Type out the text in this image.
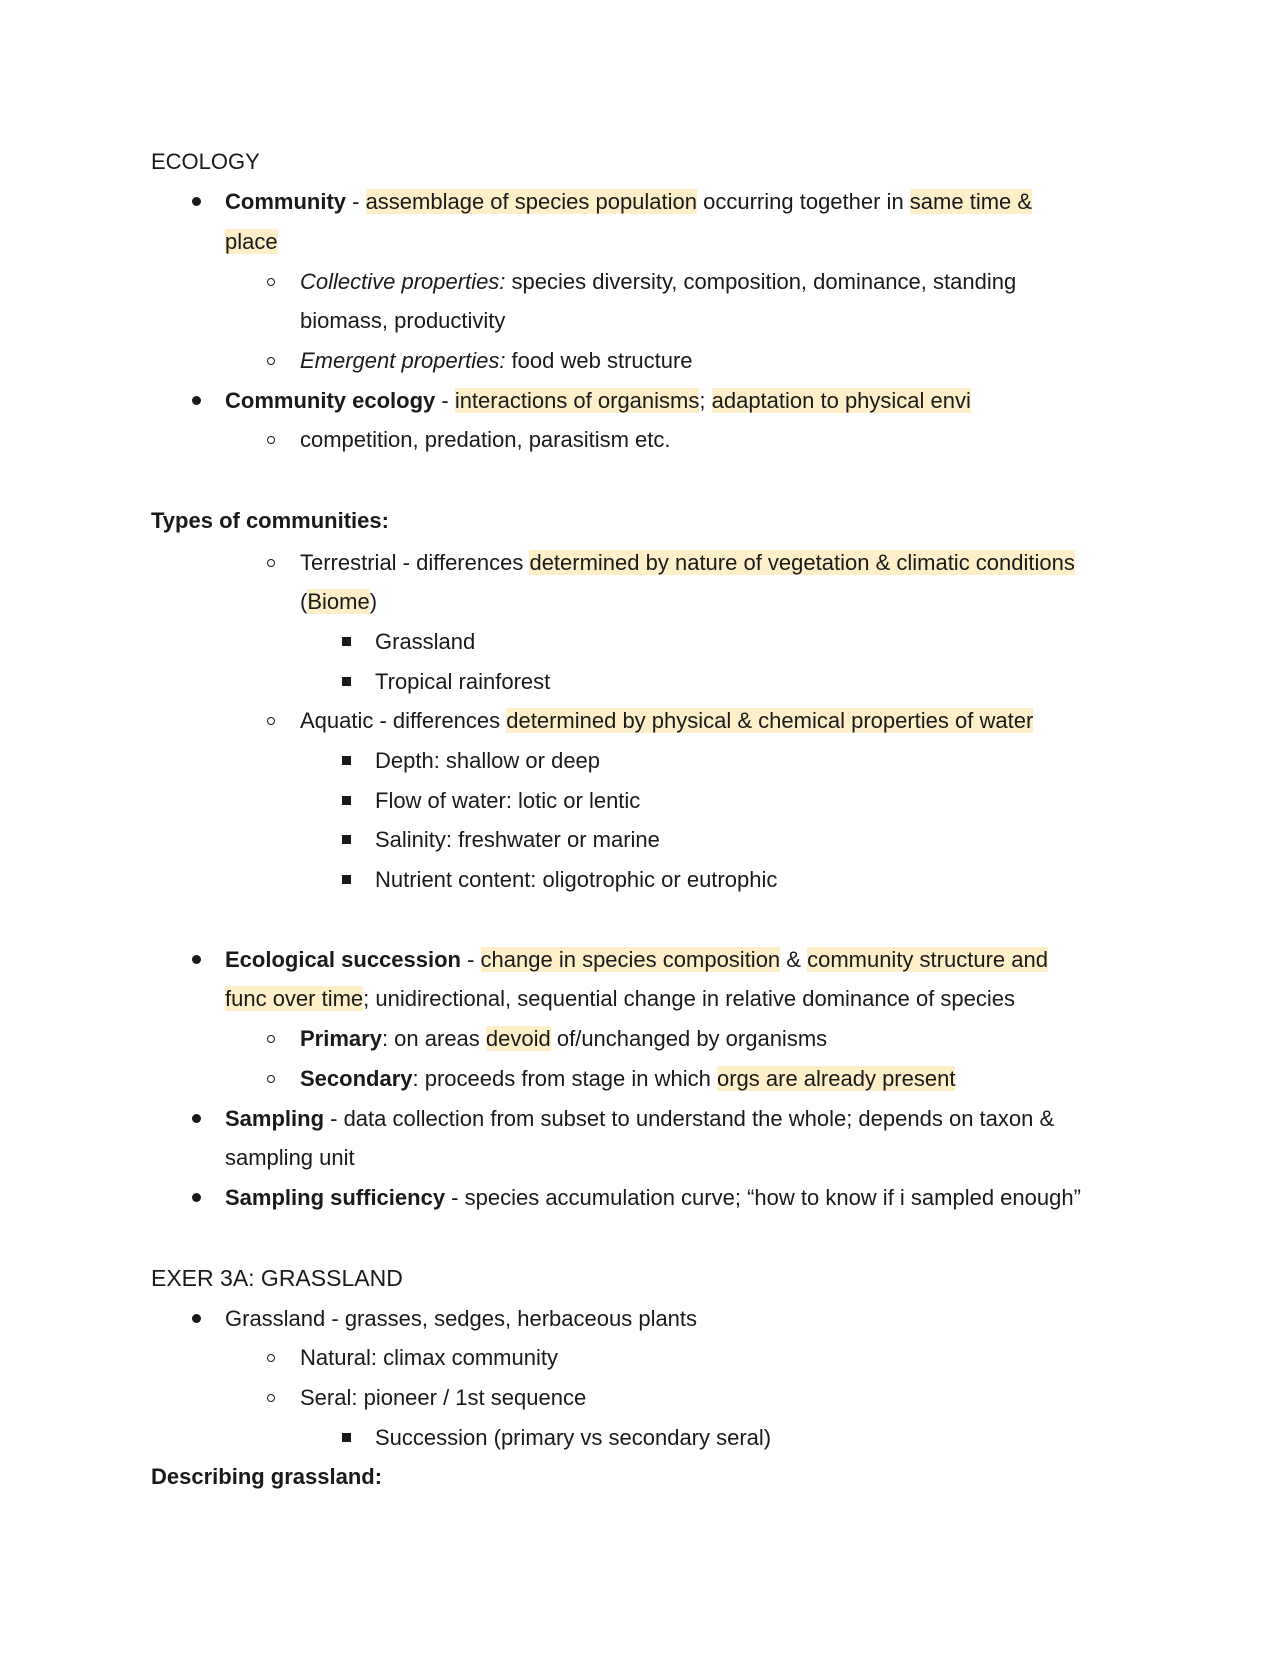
ECOLOGY
Community - assemblage of species population occurring together in same time &
place
Collective properties: species diversity, composition, dominance, standing
biomass, productivity
Emergent properties: food web structure
Community ecology - interactions of organisms; adaptation to physical envi
competition, predation, parasitism etc.
Types of communities:
Terrestrial - differences determined by nature of vegetation & climatic conditions
(Biome)
Grassland
Tropical rainforest
Aquatic - differences determined by physical & chemical properties of water
Depth: shallow or deep
Flow of water: lotic or lentic
Salinity: freshwater or marine
Nutrient content: oligotrophic or eutrophic
Ecological succession - change in species composition & community structure and
func over time; unidirectional, sequential change in relative dominance of species
Primary: on areas devoid of/unchanged by organisms
Secondary: proceeds from stage in which orgs are already present
Sampling - data collection from subset to understand the whole; depends on taxon &
sampling unit
Sampling sufficiency - species accumulation curve; “how to know if i sampled enough”
EXER 3A: GRASSLAND
Grassland - grasses, sedges, herbaceous plants
Natural: climax community
Seral: pioneer / 1st sequence
Succession (primary vs secondary seral)
Describing grassland:
